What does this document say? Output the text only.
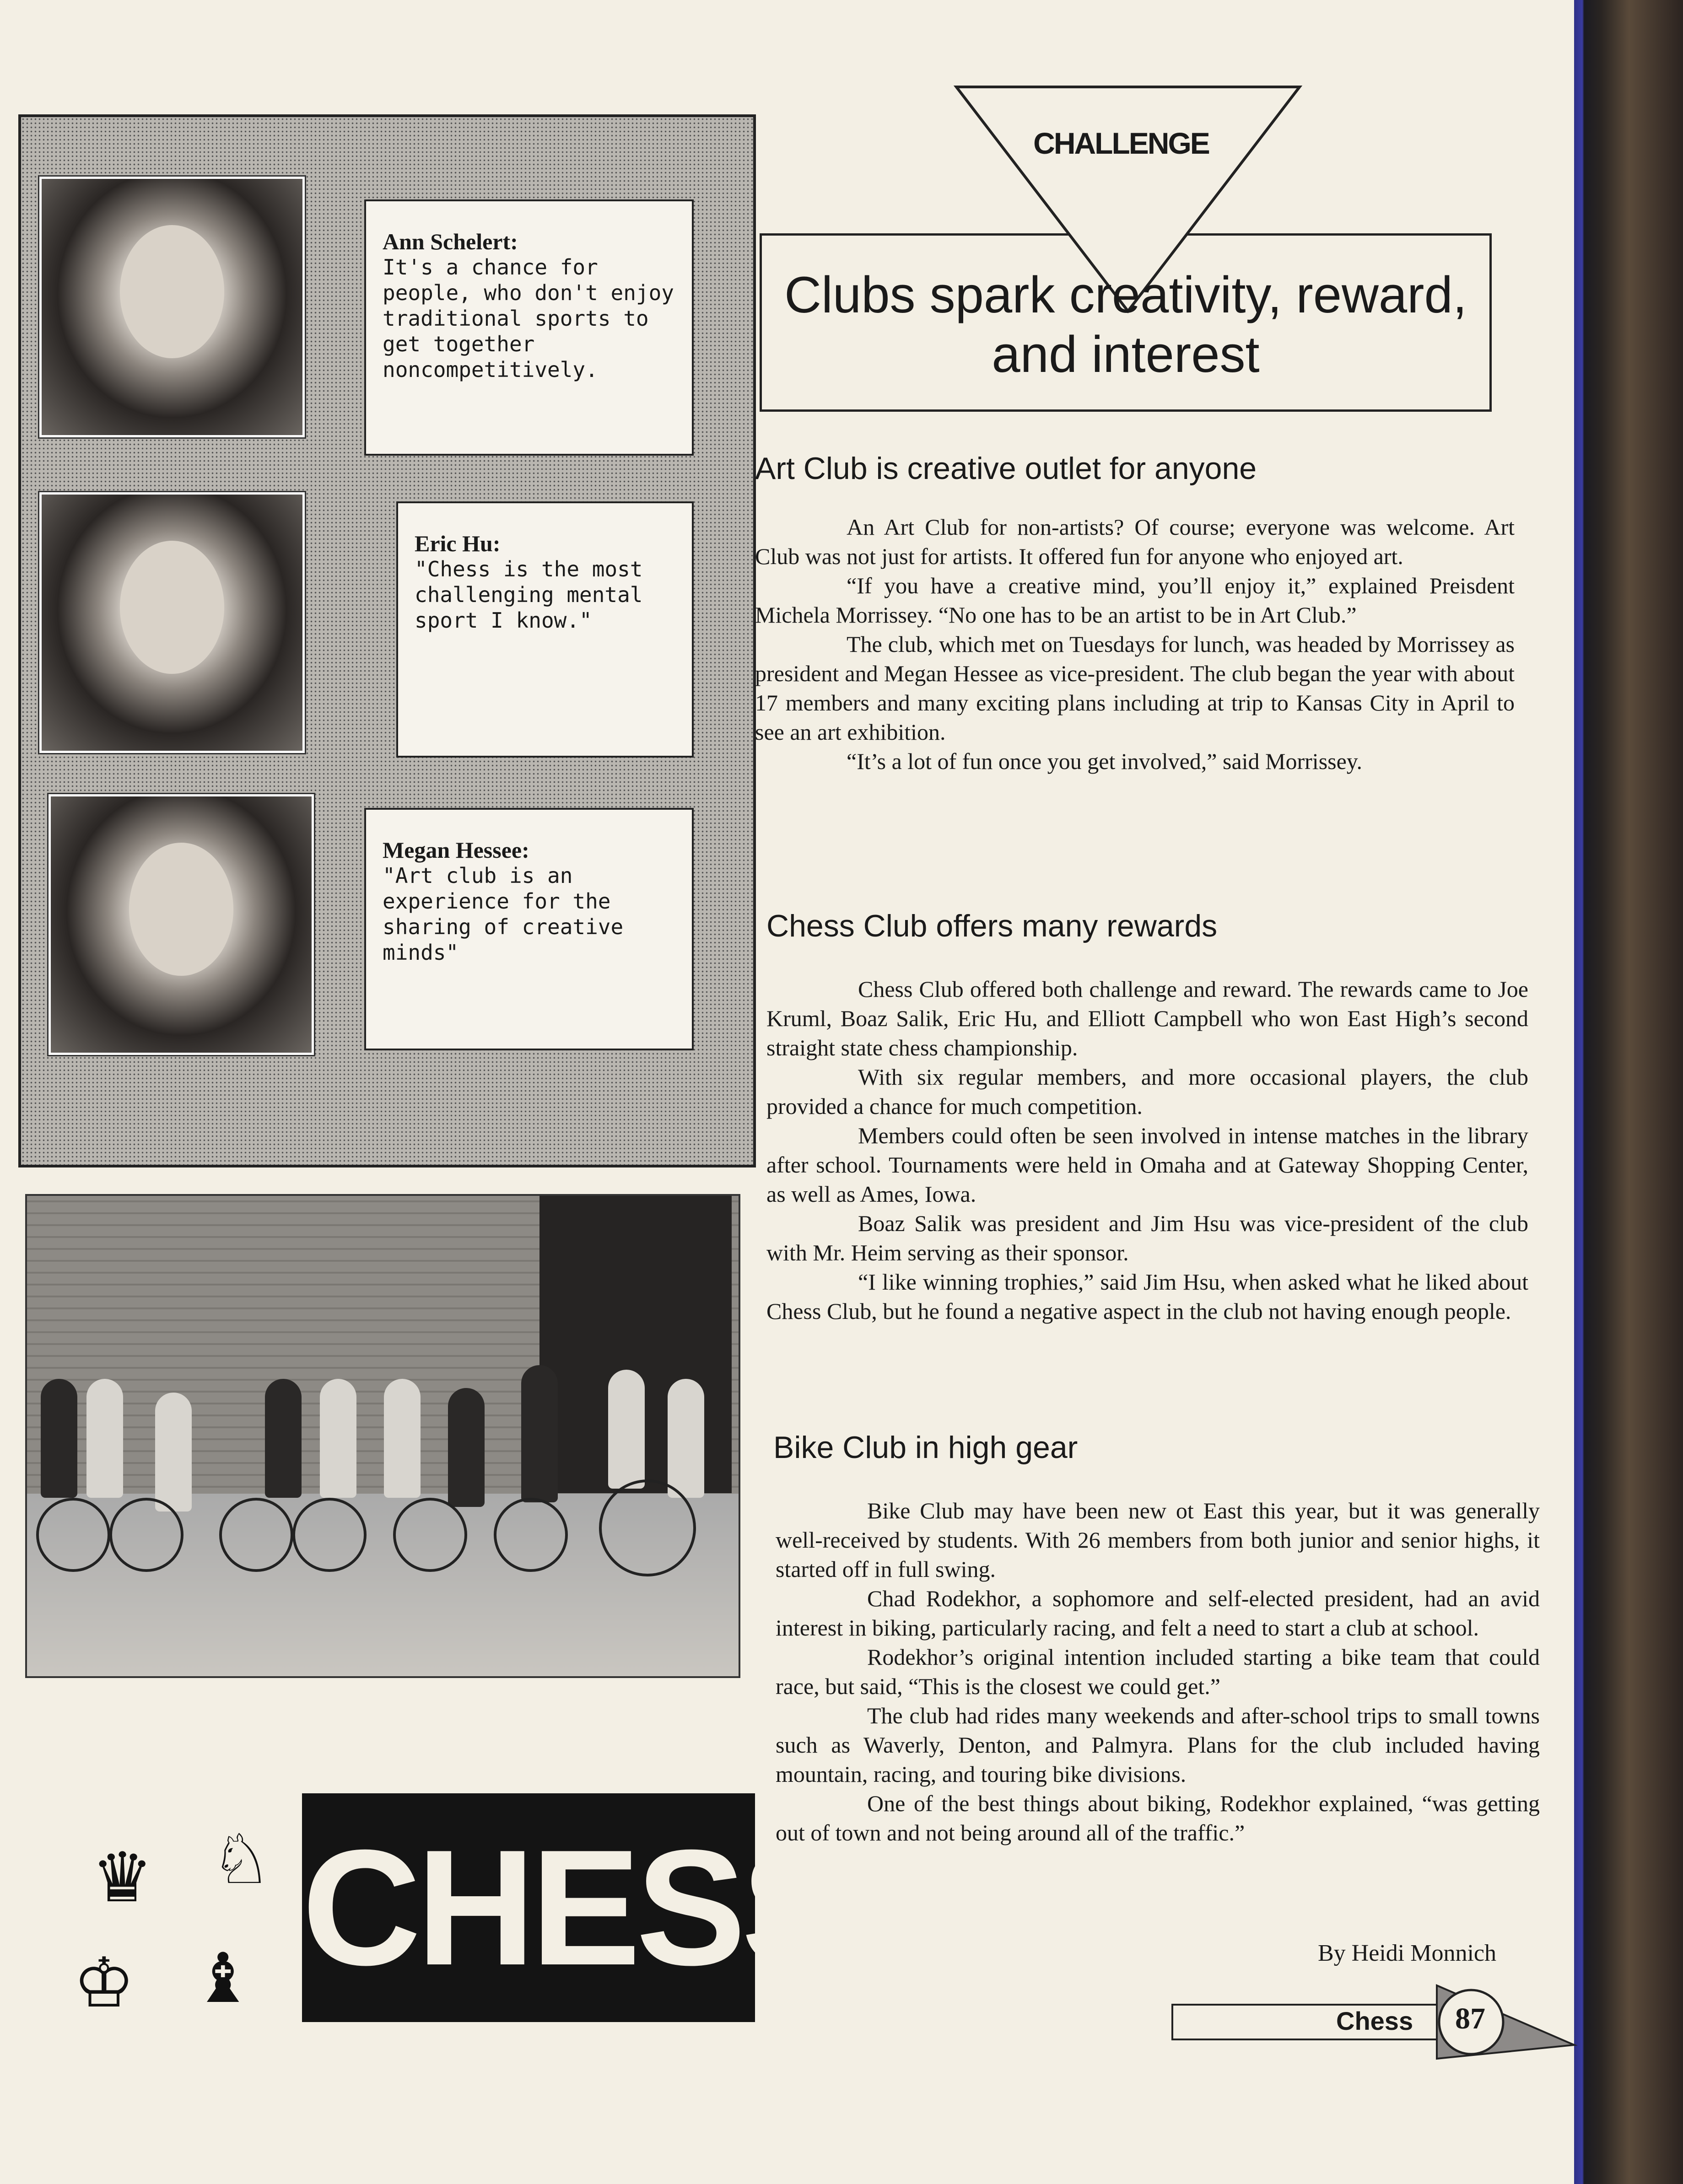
Ann Schelert:
It's a chance for people, who don't enjoy traditional sports to get together noncompetitively.
Eric Hu:
"Chess is the most challenging mental sport I know."
Megan Hessee:
"Art club is an experience for the sharing of creative minds"
♛ ♘
♔ ♝ CHESS
CHALLENGE
Clubs spark creativity, reward, and interest
Art Club is creative outlet for anyone

An Art Club for non-artists? Of course; everyone was welcome. Art Club was not just for artists. It offered fun for anyone who enjoyed art.

“If you have a creative mind, you’ll enjoy it,” explained Preisdent Michela Morrissey. “No one has to be an artist to be in Art Club.”

The club, which met on Tuesdays for lunch, was headed by Morrissey as president and Megan Hessee as vice-president. The club began the year with about 17 members and many exciting plans including at trip to Kansas City in April to see an art exhibition.

“It’s a lot of fun once you get involved,” said Morrissey.

Chess Club offers many rewards

Chess Club offered both challenge and reward. The rewards came to Joe Kruml, Boaz Salik, Eric Hu, and Elliott Campbell who won East High’s second straight state chess championship.

With six regular members, and more occasional players, the club provided a chance for much competition.

Members could often be seen involved in intense matches in the library after school. Tournaments were held in Omaha and at Gateway Shopping Center, as well as Ames, Iowa.

Boaz Salik was president and Jim Hsu was vice-president of the club with Mr. Heim serving as their sponsor.

“I like winning trophies,” said Jim Hsu, when asked what he liked about Chess Club, but he found a negative aspect in the club not having enough people.

Bike Club in high gear

Bike Club may have been new ot East this year, but it was generally well-received by students. With 26 members from both junior and senior highs, it started off in full swing.

Chad Rodekhor, a sophomore and self-elected president, had an avid interest in biking, particularly racing, and felt a need to start a club at school.

Rodekhor’s original intention included starting a bike team that could race, but said, “This is the closest we could get.”

The club had rides many weekends and after-school trips to small towns such as Waverly, Denton, and Palmyra. Plans for the club included having mountain, racing, and touring bike divisions.

One of the best things about biking, Rodekhor explained, “was getting out of town and not being around all of the traffic.”

By Heidi Monnich
Chess 87
